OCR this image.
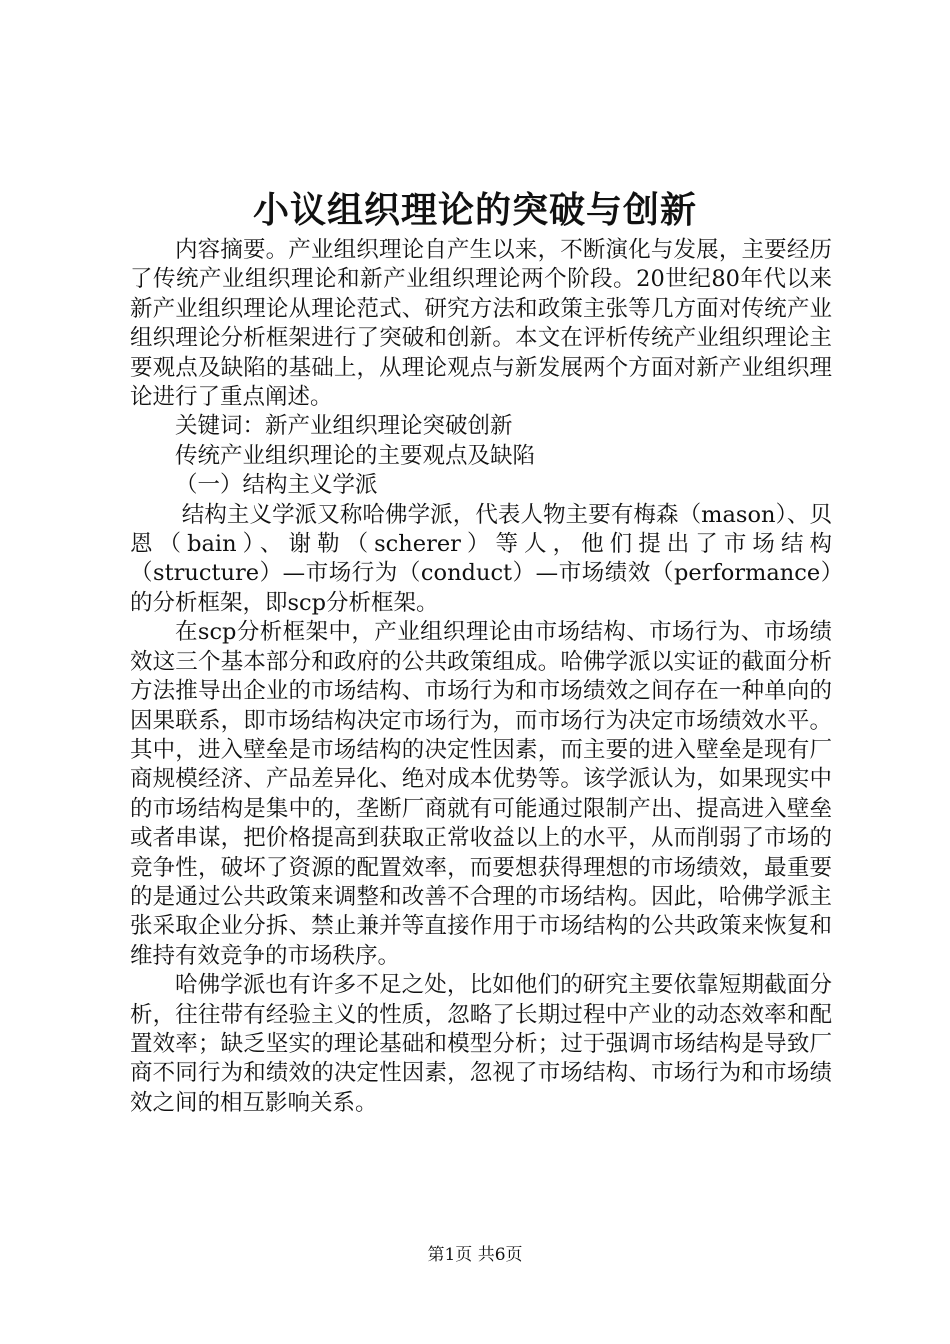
小议组织理论的突破与创新

内容摘要。产业组织理论自产生以来，不断演化与发展，主要经历了传统产业组织理论和新产业组织理论两个阶段。20世纪80年代以来新产业组织理论从理论范式、研究方法和政策主张等几方面对传统产业组织理论分析框架进行了突破和创新。本文在评析传统产业组织理论主要观点及缺陷的基础上，从理论观点与新发展两个方面对新产业组织理论进行了重点阐述。

关键词：新产业组织理论突破创新

传统产业组织理论的主要观点及缺陷

（一）结构主义学派

结构主义学派又称哈佛学派，代表人物主要有梅森（mason）、贝恩（bain）、谢勒（scherer）等人，他们提出了市场结构（structure）—市场行为（conduct）—市场绩效（performance）的分析框架，即scp分析框架。

在scp分析框架中，产业组织理论由市场结构、市场行为、市场绩效这三个基本部分和政府的公共政策组成。哈佛学派以实证的截面分析方法推导出企业的市场结构、市场行为和市场绩效之间存在一种单向的因果联系，即市场结构决定市场行为，而市场行为决定市场绩效水平。其中，进入壁垒是市场结构的决定性因素，而主要的进入壁垒是现有厂商规模经济、产品差异化、绝对成本优势等。该学派认为，如果现实中的市场结构是集中的，垄断厂商就有可能通过限制产出、提高进入壁垒或者串谋，把价格提高到获取正常收益以上的水平，从而削弱了市场的竞争性，破坏了资源的配置效率，而要想获得理想的市场绩效，最重要的是通过公共政策来调整和改善不合理的市场结构。因此，哈佛学派主张采取企业分拆、禁止兼并等直接作用于市场结构的公共政策来恢复和维持有效竞争的市场秩序。

哈佛学派也有许多不足之处，比如他们的研究主要依靠短期截面分析，往往带有经验主义的性质，忽略了长期过程中产业的动态效率和配置效率；缺乏坚实的理论基础和模型分析；过于强调市场结构是导致厂商不同行为和绩效的决定性因素，忽视了市场结构、市场行为和市场绩效之间的相互影响关系。

第1页 共6页
